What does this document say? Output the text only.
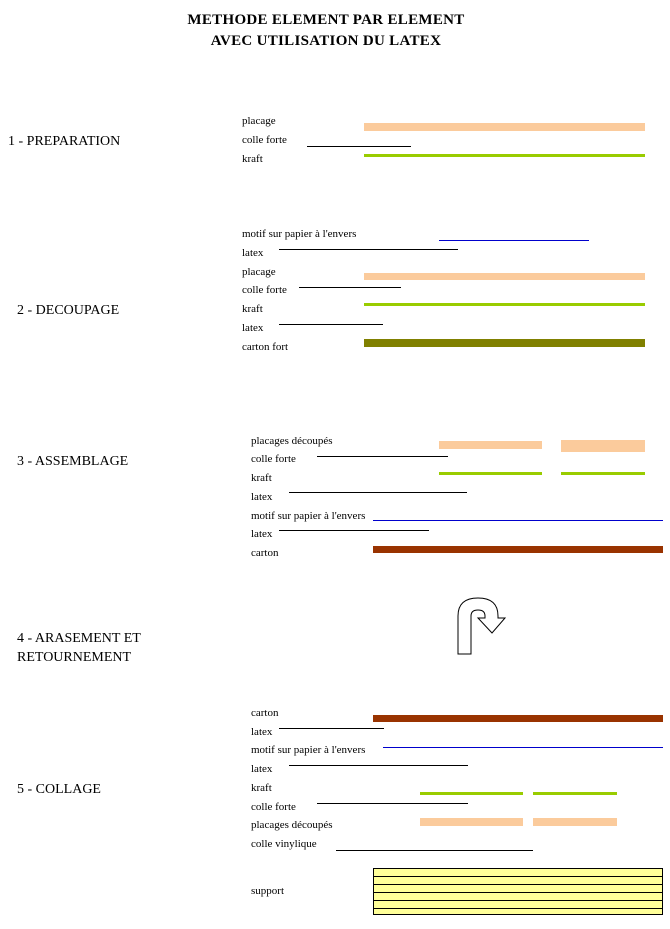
METHODE ELEMENT PAR ELEMENT
AVEC UTILISATION DU LATEX
1 - PREPARATION
placage
colle forte
kraft
2 - DECOUPAGE
motif sur papier à l'envers
latex
placage
colle forte
kraft
latex
carton fort
3 - ASSEMBLAGE
placages découpés
colle forte
kraft
latex
motif sur papier à l'envers
latex
carton
4 - ARASEMENT ET
RETOURNEMENT
5 - COLLAGE
carton
latex
motif sur papier à l'envers
latex
kraft
colle forte
placages découpés
colle vinylique
support
